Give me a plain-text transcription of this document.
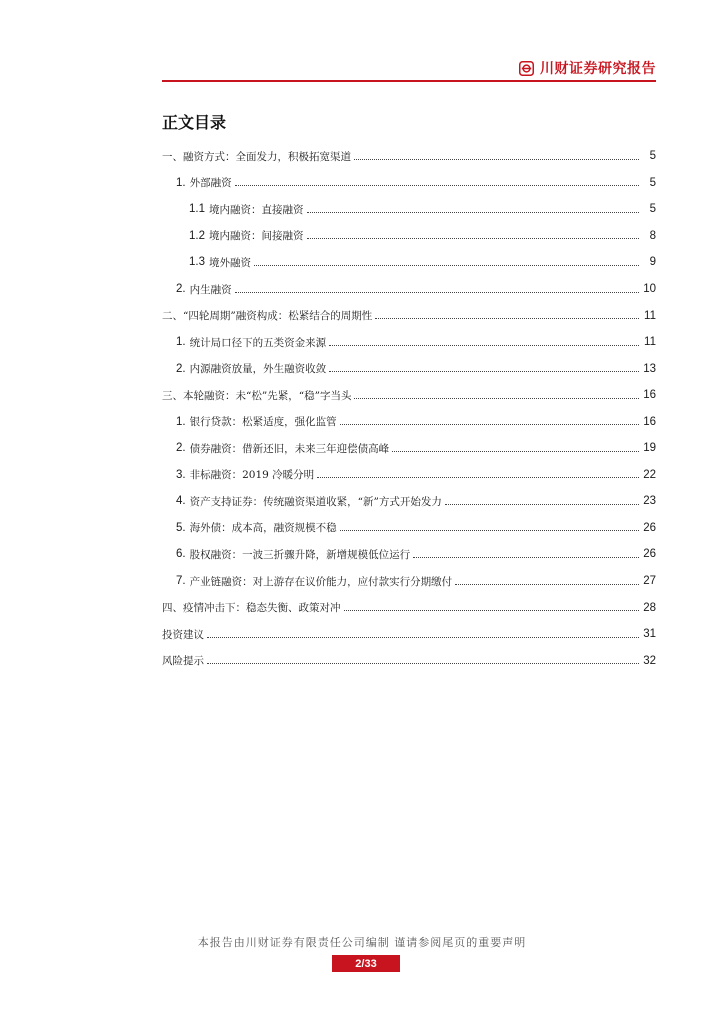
川财证券研究报告
正文目录
一、融资方式：全面发力，积极拓宽渠道	5
1. 外部融资	5
1.1 境内融资：直接融资	5
1.2 境内融资：间接融资	8
1.3 境外融资	9
2. 内生融资	10
二、“四轮周期”融资构成：松紧结合的周期性	11
1. 统计局口径下的五类资金来源	11
2. 内源融资放量，外生融资收敛	13
三、本轮融资：未“松”先紧，“稳”字当头	16
1. 银行贷款：松紧适度，强化监管	16
2. 债券融资：借新还旧，未来三年迎偿债高峰	19
3. 非标融资：2019 冷暖分明	22
4. 资产支持证券：传统融资渠道收紧，“新”方式开始发力	23
5. 海外债：成本高，融资规模不稳	26
6. 股权融资：一波三折骤升降，新增规模低位运行	26
7. 产业链融资：对上游存在议价能力，应付款实行分期缴付	27
四、疫情冲击下：稳态失衡、政策对冲	28
投资建议	31
风险提示	32
本报告由川财证券有限责任公司编制 谨请参阅尾页的重要声明
2/33
